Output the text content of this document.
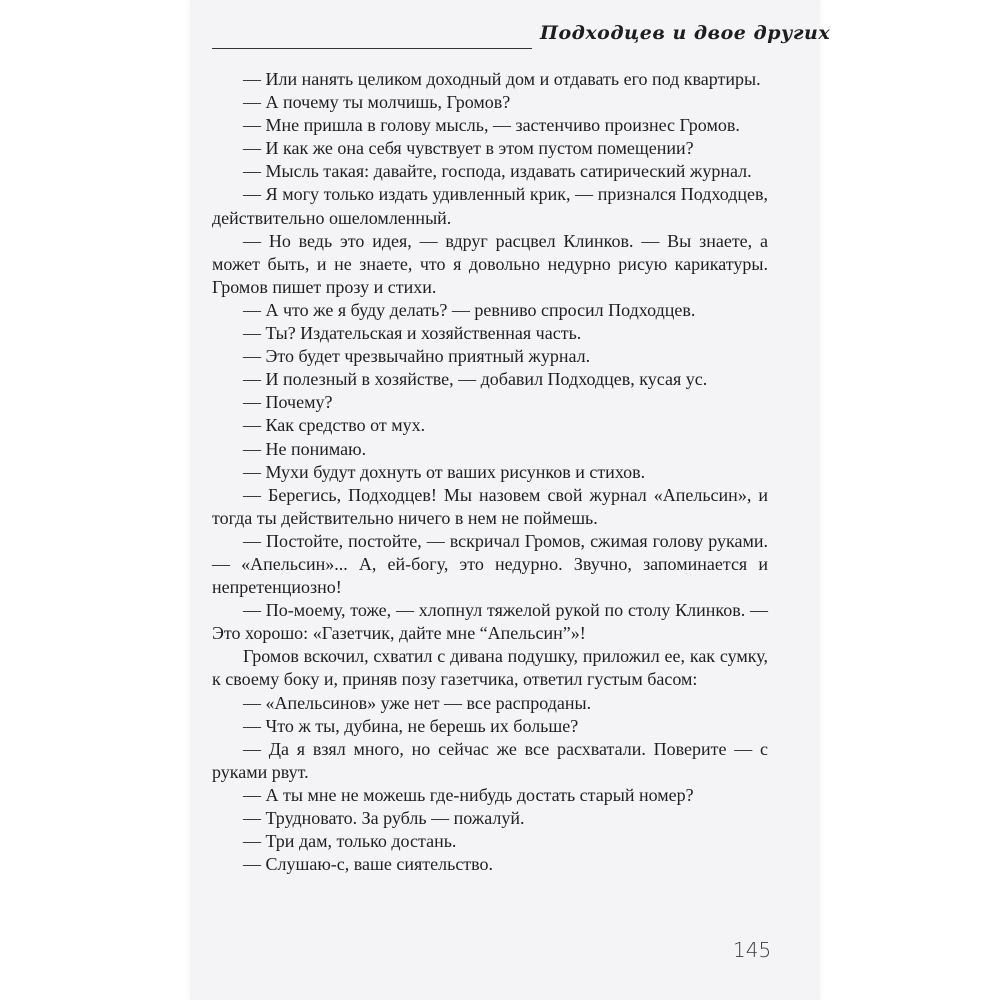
Подходцев и двое других

— Или нанять целиком доходный дом и отдавать его под квартиры.

— А почему ты молчишь, Громов?

— Мне пришла в голову мысль, — застенчиво произнес Громов.

— И как же она себя чувствует в этом пустом помещении?

— Мысль такая: давайте, господа, издавать сатирический журнал.

— Я могу только издать удивленный крик, — признался Подходцев, действительно ошеломленный.

— Но ведь это идея, — вдруг расцвел Клинков. — Вы знаете, а может быть, и не знаете, что я довольно недурно рисую карикатуры. Громов пишет прозу и стихи.

— А что же я буду делать? — ревниво спросил Подходцев.

— Ты? Издательская и хозяйственная часть.

— Это будет чрезвычайно приятный журнал.

— И полезный в хозяйстве, — добавил Подходцев, кусая ус.

— Почему?

— Как средство от мух.

— Не понимаю.

— Мухи будут дохнуть от ваших рисунков и стихов.

— Берегись, Подходцев! Мы назовем свой журнал «Апельсин», и тогда ты действительно ничего в нем не поймешь.

— Постойте, постойте, — вскричал Громов, сжимая голову руками. — «Апельсин»... А, ей-богу, это недурно. Звучно, запоминается и непретенциозно!

— По-моему, тоже, — хлопнул тяжелой рукой по столу Клинков. — Это хорошо: «Газетчик, дайте мне “Апельсин”»!

Громов вскочил, схватил с дивана подушку, приложил ее, как сумку, к своему боку и, приняв позу газетчика, ответил густым басом:

— «Апельсинов» уже нет — все распроданы.

— Что ж ты, дубина, не берешь их больше?

— Да я взял много, но сейчас же все расхватали. Поверите — с руками рвут.

— А ты мне не можешь где-нибудь достать старый номер?

— Трудновато. За рубль — пожалуй.

— Три дам, только достань.

— Слушаю-с, ваше сиятельство.

145
